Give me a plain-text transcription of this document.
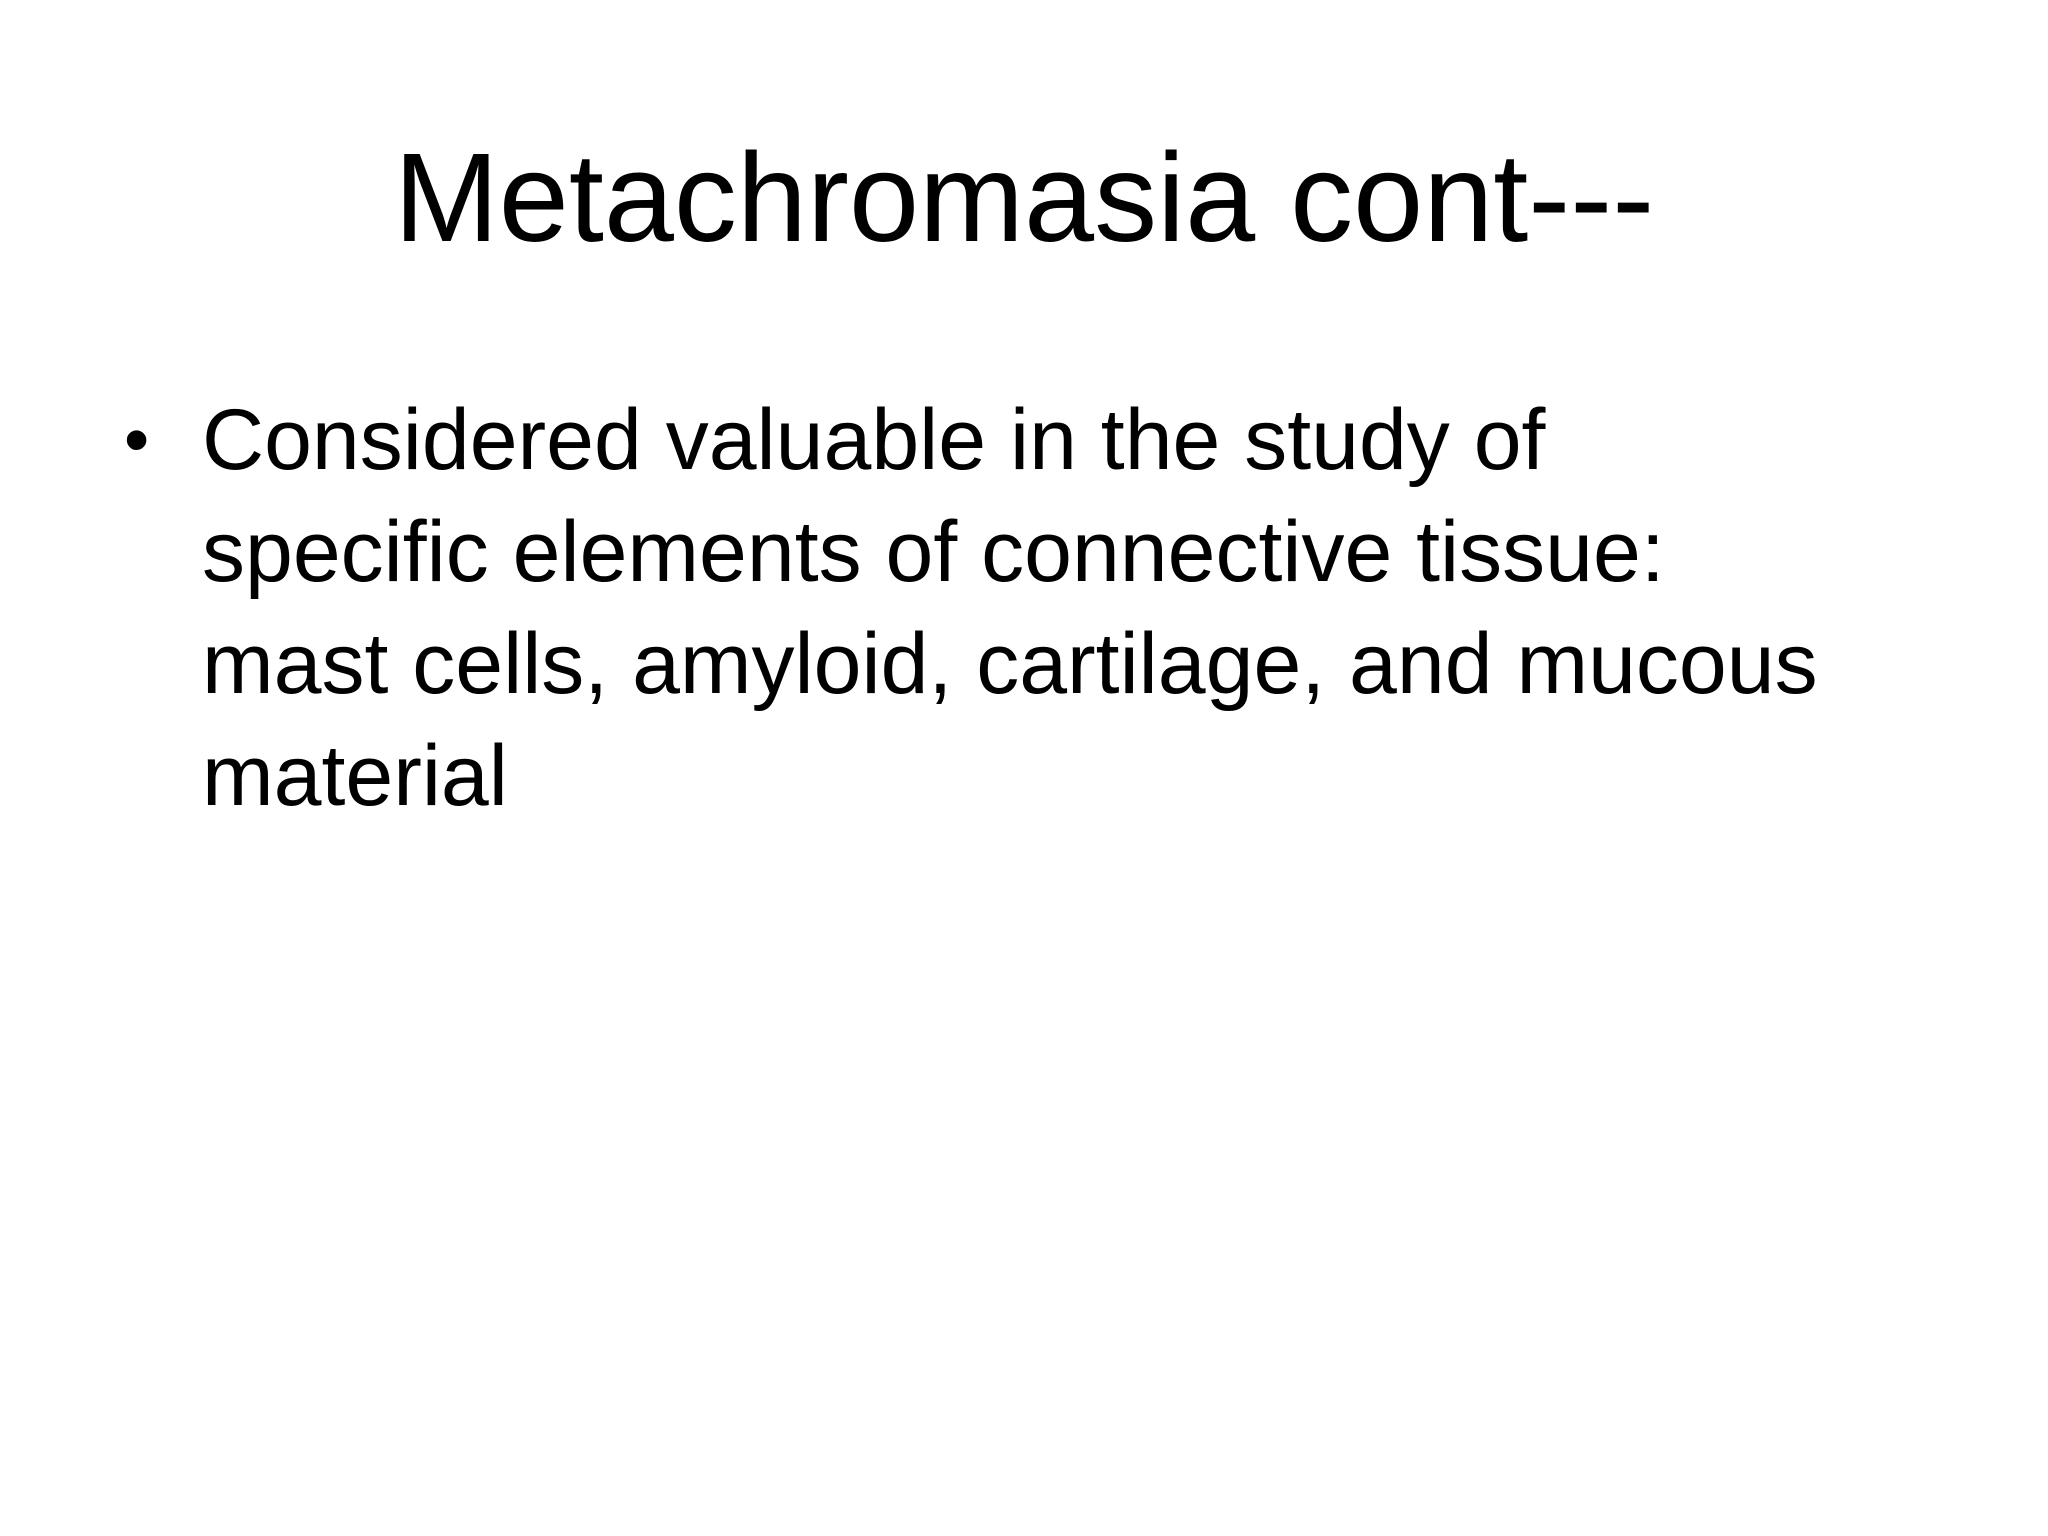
Metachromasia cont---
• Considered valuable in the study of
specific elements of connective tissue:
mast cells, amyloid, cartilage, and mucous
material
